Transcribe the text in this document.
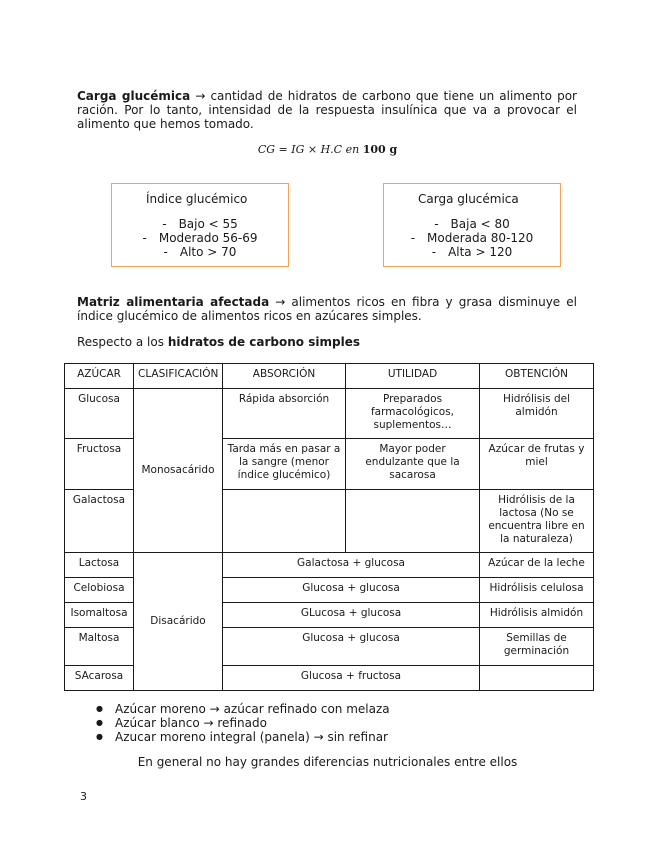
Carga glucémica → cantidad de hidratos de carbono que tiene un alimento por ración. Por lo tanto, intensidad de la respuesta insulínica que va a provocar el alimento que hemos tomado.
CG = IG × H.C en 100 g
Índice glucémico
- Bajo < 55
- Moderado 56-69
- Alto > 70
Carga glucémica
- Baja < 80
- Moderada 80-120
- Alta > 120
Matriz alimentaria afectada → alimentos ricos en fibra y grasa disminuye el índice glucémico de alimentos ricos en azúcares simples.
Respecto a los hidratos de carbono simples
AZÚCAR	CLASIFICACIÓN	ABSORCIÓN	UTILIDAD	OBTENCIÓN
Glucosa	Monosacárido	Rápida absorción	Preparados farmacológicos, suplementos…	Hidrólisis del almidón
Fructosa		Tarda más en pasar a la sangre (menor índice glucémico)	Mayor poder endulzante que la sacarosa	Azúcar de frutas y miel
Galactosa				Hidrólisis de la lactosa (No se encuentra libre en la naturaleza)
Lactosa	Disacárido	Galactosa + glucosa		Azúcar de la leche
Celobiosa		Glucosa + glucosa		Hidrólisis celulosa
Isomaltosa		GLucosa + glucosa		Hidrólisis almidón
Maltosa		Glucosa + glucosa		Semillas de germinación
SAcarosa		Glucosa + fructosa		
● Azúcar moreno → azúcar refinado con melaza
● Azúcar blanco → refinado
● Azucar moreno integral (panela) → sin refinar
En general no hay grandes diferencias nutricionales entre ellos
3
